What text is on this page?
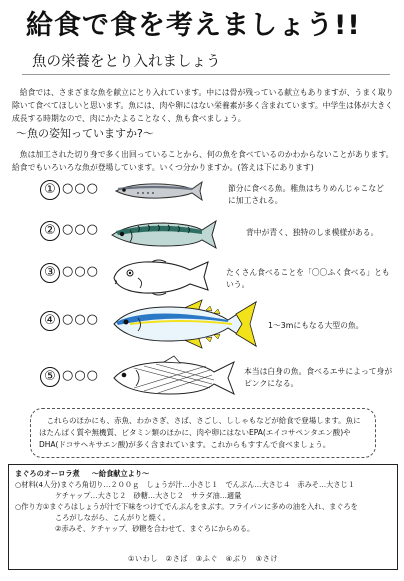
給食で食を考えましょう!!
魚の栄養をとり入れましょう

給食では、さまざまな魚を献立にとり入れています。中には骨が残っている献立もありますが、うまく取り除いて食べてほしいと思います。魚には、肉や卵にはない栄養素が多く含まれています。中学生は体が大きく成長する時期なので、肉にかたよることなく、魚も食べましょう。

～魚の姿知っていますか?～

魚は加工された切り身で多く出回っていることから、何の魚を食べているのかわからないことがあります。給食でもいろいろな魚が登場しています。いくつ分かりますか。(答えは下にあります)

① ○○○	節分に食べる魚。稚魚はちりめんじゃこなどに加工される。
② ○○○	背中が青く、独特のしま模様がある。
③ ○○○	たくさん食べることを「〇〇ふく食べる」ともいう。
④ ○○○	1～3mにもなる大型の魚。
⑤ ○○○	本当は白身の魚。食べるエサによって身がピンクになる。
これらのほかにも、赤魚、わかさぎ、さば、さごし、ししゃもなどが給食で登場します。魚にはたんぱく質や無機質、ビタミン類のほかに、肉や卵にはないEPA(エイコサペンタエン酸)やDHA(ドコサヘキサエン酸)が多く含まれています。これからもすすんで食べましょう。
まぐろのオーロラ煮 ～給食献立より～
○材料(4人分)まぐろ角切り…２００ｇ　しょうが汁…小さじ１　でんぷん…大さじ４　赤みそ…大さじ１
ケチャップ…大さじ２　砂糖…大さじ２　サラダ油…適量
○作り方①まぐろはしょうが汁で下味をつけてでんぷんをまぶす。フライパンに多めの油を入れ、まぐろを
ころがしながら、こんがりと焼く。
②赤みそ、ケチャップ、砂糖を合わせて、まぐろにからめる。
①いわし　②さば　③ふぐ　④ぶり　⑤さけ
